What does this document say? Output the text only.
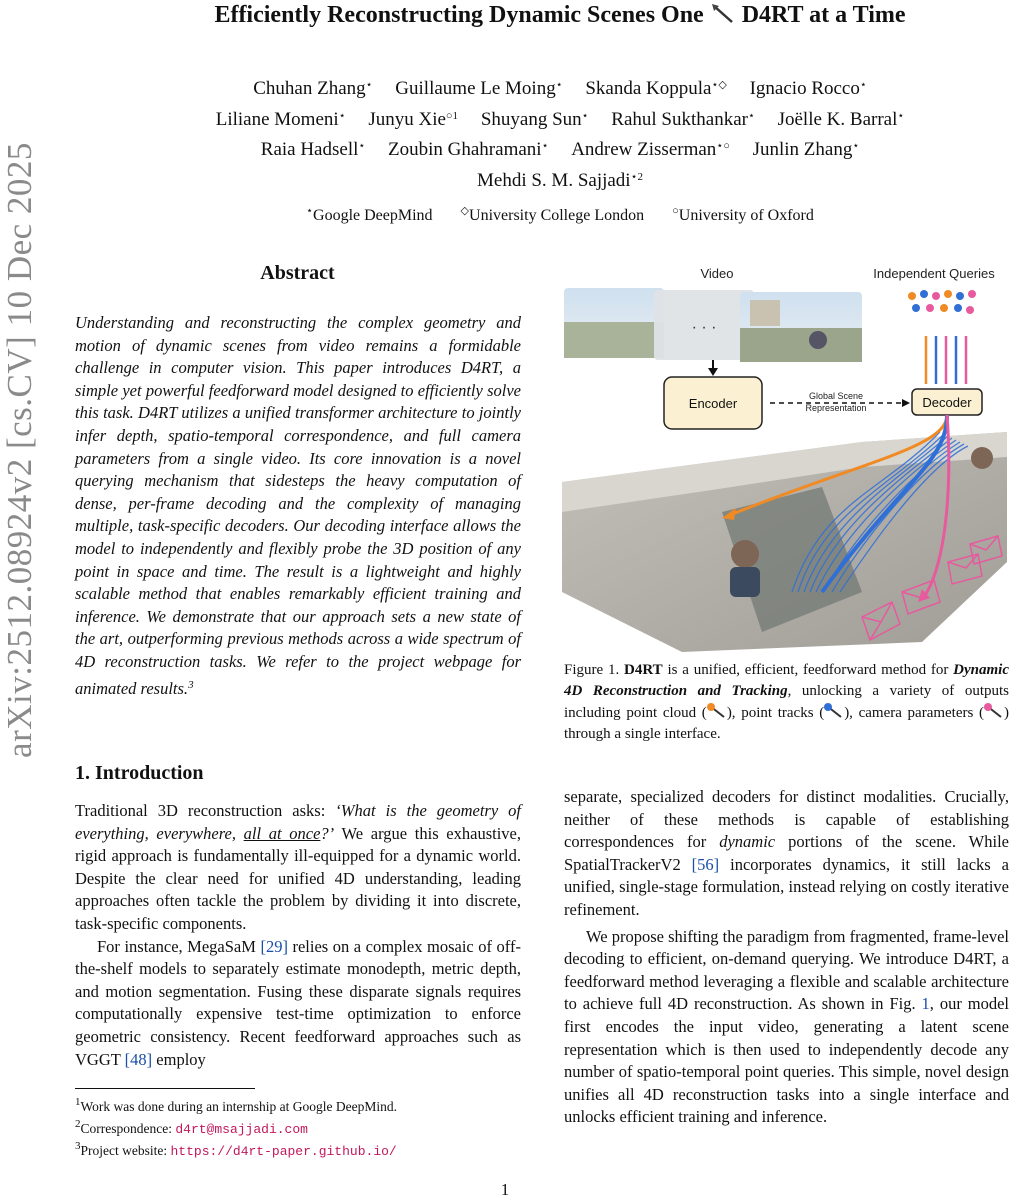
arXiv:2512.08924v2 [cs.CV] 10 Dec 2025
Efficiently Reconstructing Dynamic Scenes One D4RT at a Time
Chuhan Zhang⋆ Guillaume Le Moing⋆ Skanda Koppula⋆◇ Ignacio Rocco⋆
Liliane Momeni⋆ Junyu Xie$^{○1}$ Shuyang Sun⋆ Rahul Sukthankar⋆ Joëlle K. Barral⋆
Raia Hadsell⋆ Zoubin Ghahramani⋆ Andrew Zisserman⋆○ Junlin Zhang⋆
Mehdi S. M. Sajjadi$^{⋆2}$
⋆Google DeepMind	◇University College London	○University of Oxford
Abstract
Understanding and reconstructing the complex geometry and motion of dynamic scenes from video remains a formidable challenge in computer vision. This paper introduces D4RT, a simple yet powerful feedforward model designed to efficiently solve this task. D4RT utilizes a unified transformer architecture to jointly infer depth, spatio-temporal correspondence, and full camera parameters from a single video. Its core innovation is a novel querying mechanism that sidesteps the heavy computation of dense, per-frame decoding and the complexity of managing multiple, task-specific decoders. Our decoding interface allows the model to independently and flexibly probe the 3D position of any point in space and time. The result is a lightweight and highly scalable method that enables remarkably efficient training and inference. We demonstrate that our approach sets a new state of the art, outperforming previous methods across a wide spectrum of 4D reconstruction tasks. We refer to the project webpage for animated results.$^3$
1. Introduction

Traditional 3D reconstruction asks: ‘What is the geometry of everything, everywhere, all at once?’ We argue this exhaustive, rigid approach is fundamentally ill-equipped for a dynamic world. Despite the clear need for unified 4D understanding, leading approaches often tackle the problem by dividing it into discrete, task-specific components.

For instance, MegaSaM [29] relies on a complex mosaic of off-the-shelf models to separately estimate monodepth, metric depth, and motion segmentation. Fusing these disparate signals requires computationally expensive test-time optimization to enforce geometric consistency. Recent feedforward approaches such as VGGT [48] employ

$^1$Work was done during an internship at Google DeepMind.
$^2$Correspondence: d4rt@msajjadi.com
$^3$Project website: https://d4rt-paper.github.io/
Video	Independent Queries
· · ·
Encoder	Global Scene
Representation	Decoder
Figure 1. D4RT is a unified, efficient, feedforward method for Dynamic 4D Reconstruction and Tracking, unlocking a variety of outputs including point cloud ( ), point tracks ( ), camera parameters ( ) through a single interface.

separate, specialized decoders for distinct modalities. Crucially, neither of these methods is capable of establishing correspondences for dynamic portions of the scene. While SpatialTrackerV2 [56] incorporates dynamics, it still lacks a unified, single-stage formulation, instead relying on costly iterative refinement.

We propose shifting the paradigm from fragmented, frame-level decoding to efficient, on-demand querying. We introduce D4RT, a feedforward method leveraging a flexible and scalable architecture to achieve full 4D reconstruction. As shown in Fig. 1, our model first encodes the input video, generating a latent scene representation which is then used to independently decode any number of spatio-temporal point queries. This simple, novel design unifies all 4D reconstruction tasks into a single interface and unlocks efficient training and inference.

1
